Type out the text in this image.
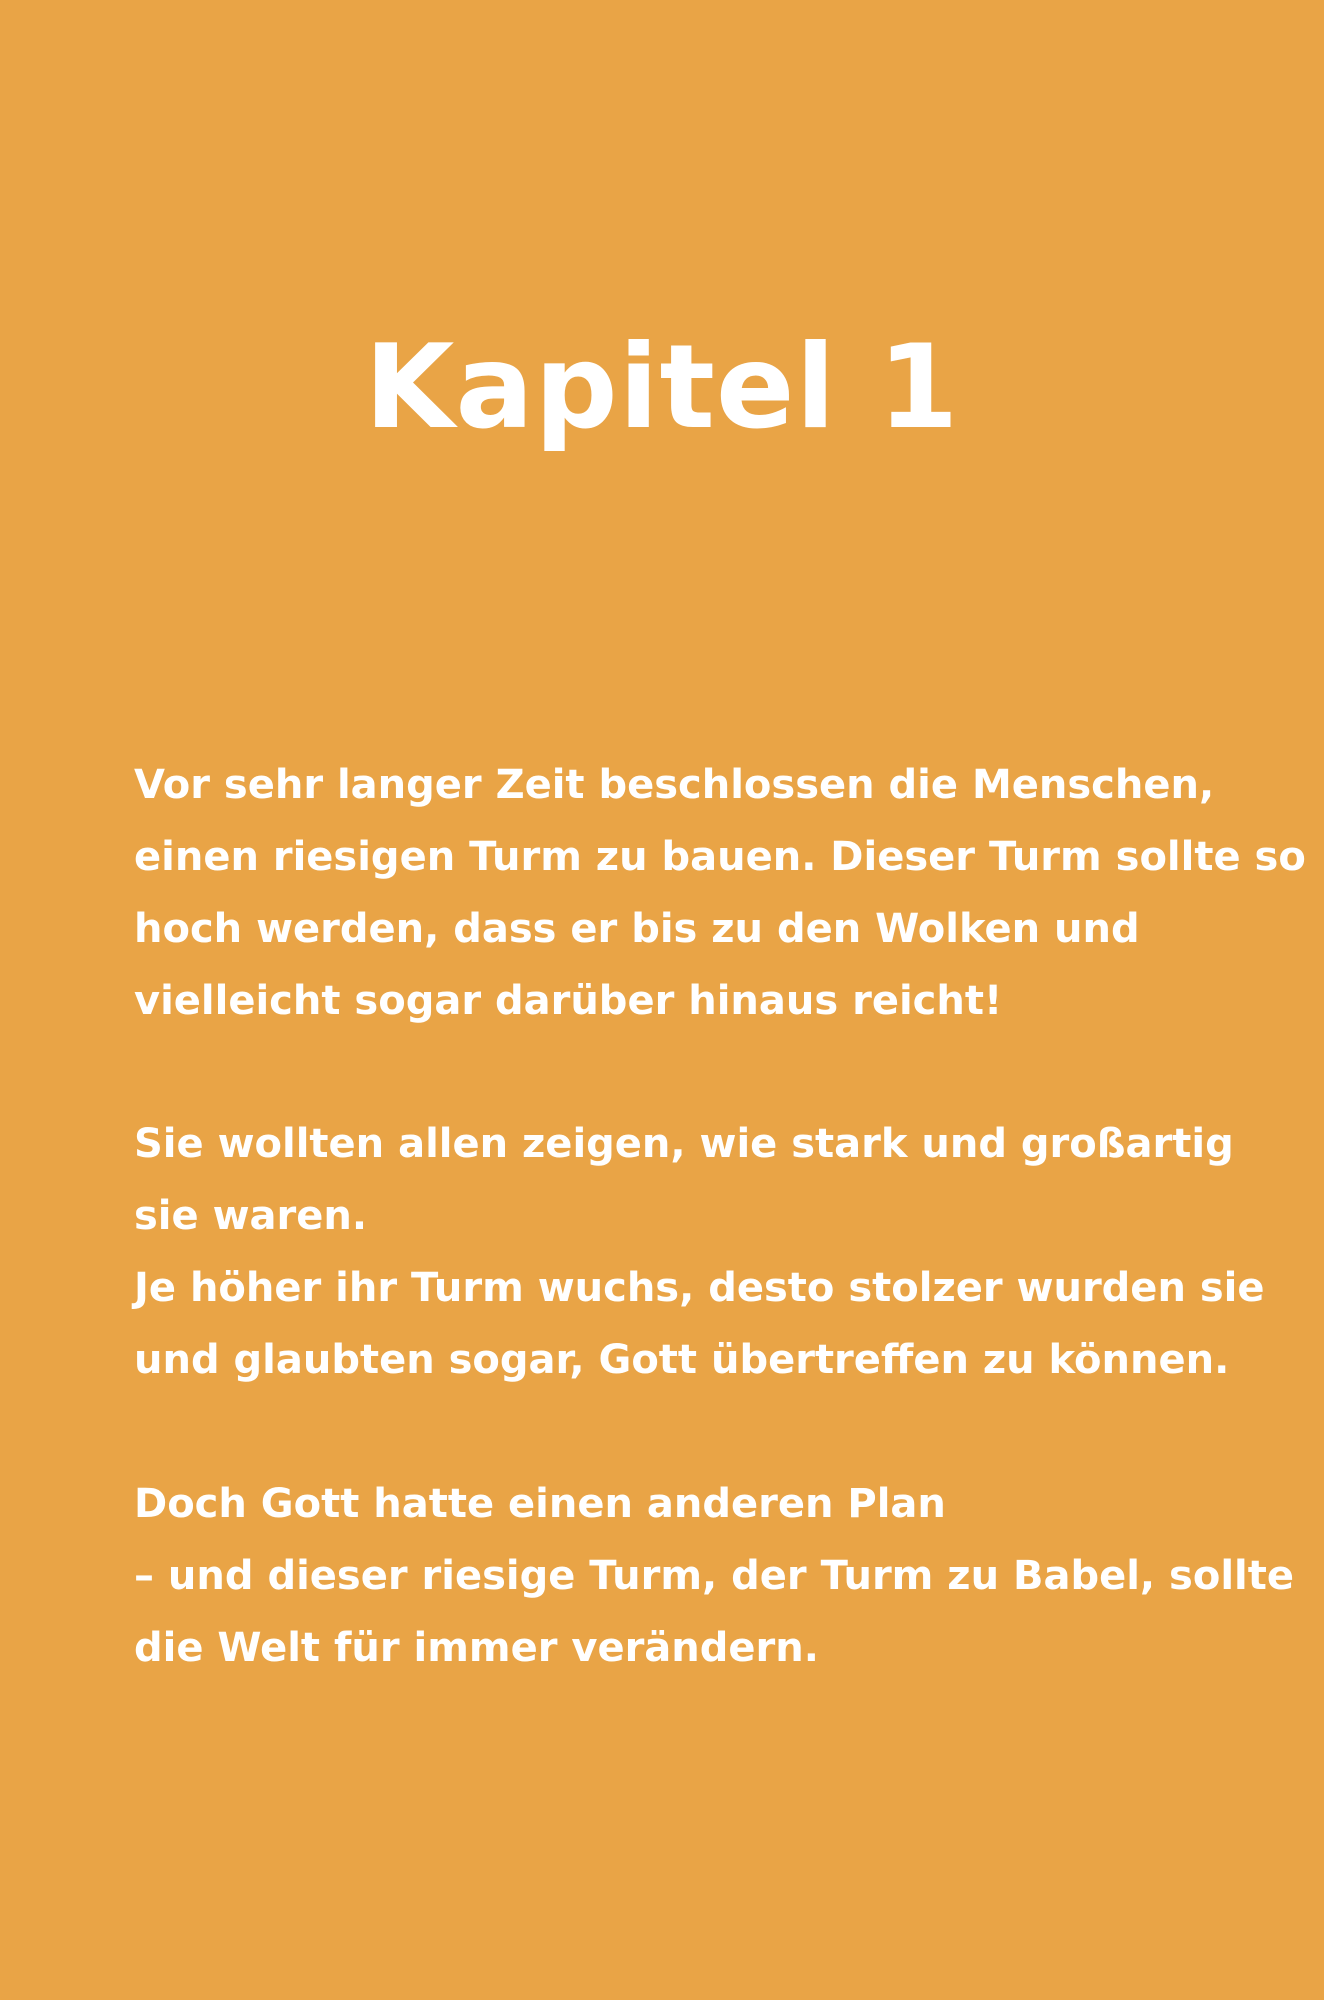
Kapitel 1

Vor sehr langer Zeit beschlossen die Menschen,
einen riesigen Turm zu bauen. Dieser Turm sollte so
hoch werden, dass er bis zu den Wolken und
vielleicht sogar darüber hinaus reicht!

Sie wollten allen zeigen, wie stark und großartig
sie waren.
Je höher ihr Turm wuchs, desto stolzer wurden sie
und glaubten sogar, Gott übertreffen zu können.

Doch Gott hatte einen anderen Plan
– und dieser riesige Turm, der Turm zu Babel, sollte
die Welt für immer verändern.
